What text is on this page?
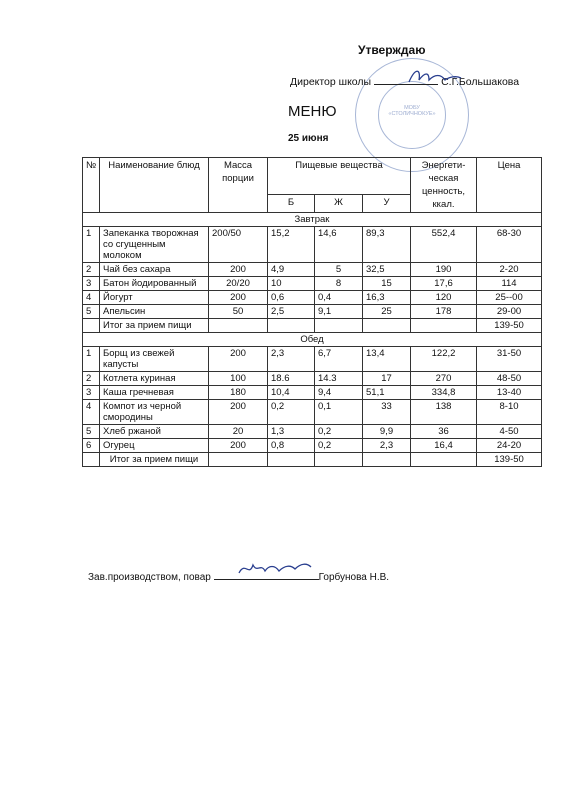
Утверждаю
МОБУ «СТОЛИЧНОКУЕ»
Директор школы	С.Г.Большакова
МЕНЮ
25 июня
№	Наименование блюд	Масса порции	Пищевые вещества			Энергети-ческая ценность, ккал.	Цена
			Б	Ж	У		
Завтрак							
1	Запеканка творожная со сгущенным молоком	200/50	15,2	14,6	89,3	552,4	68-30
2	Чай без сахара	200	4,9	5	32,5	190	2-20
3	Батон йодированный	20/20	10	8	15	17,6	114
4	Йогурт	200	0,6	0,4	16,3	120	25--00
5	Апельсин	50	2,5	9,1	25	178	29-00
	Итог за прием пищи						139-50
Обед							
1	Борщ из свежей капусты	200	2,3	6,7	13,4	122,2	31-50
2	Котлета куриная	100	18.6	14.3	17	270	48-50
3	Каша гречневая	180	10,4	9,4	51,1	334,8	13-40
4	Компот из черной смородины	200	0,2	0,1	33	138	8-10
5	Хлеб ржаной	20	1,3	0,2	9,9	36	4-50
6	Огурец	200	0,8	0,2	2,3	16,4	24-20
	Итог за прием пищи						139-50
Зав.производством, повар	Горбунова Н.В.
